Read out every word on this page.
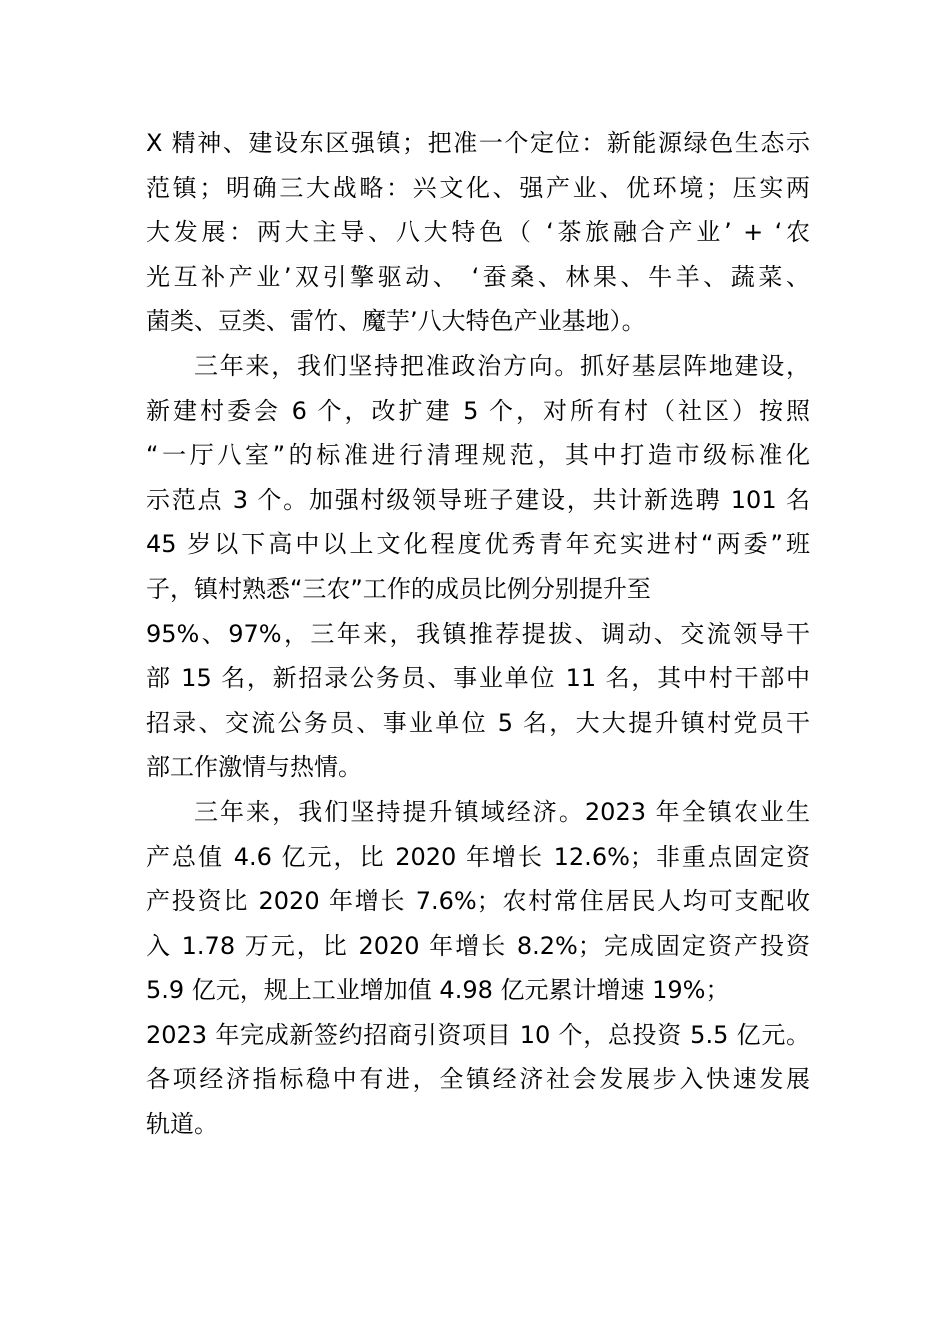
X 精神、建设东区强镇；把准一个定位：新能源绿色生态示
范镇；明确三大战略：兴文化、强产业、优环境；压实两
大发展：两大主导、八大特色（ ‘茶旅融合产业’ + ‘农
光互补产业’双引擎驱动、 ‘蚕桑、林果、牛羊、蔬菜、
菌类、豆类、雷竹、魔芋’八大特色产业基地）。
三年来，我们坚持把准政治方向。抓好基层阵地建设，
新建村委会 6 个，改扩建 5 个，对所有村（社区）按照
“一厅八室”的标准进行清理规范，其中打造市级标准化
示范点 3 个。加强村级领导班子建设，共计新选聘 101 名
45 岁以下高中以上文化程度优秀青年充实进村“两委”班
子，镇村熟悉“三农”工作的成员比例分别提升至
95%、97%，三年来，我镇推荐提拔、调动、交流领导干
部 15 名，新招录公务员、事业单位 11 名，其中村干部中
招录、交流公务员、事业单位 5 名，大大提升镇村党员干
部工作激情与热情。
三年来，我们坚持提升镇域经济。2023 年全镇农业生
产总值 4.6 亿元，比 2020 年增长 12.6%；非重点固定资
产投资比 2020 年增长 7.6%；农村常住居民人均可支配收
入 1.78 万元，比 2020 年增长 8.2%；完成固定资产投资
5.9 亿元，规上工业增加值 4.98 亿元累计增速 19%；
2023 年完成新签约招商引资项目 10 个，总投资 5.5 亿元。
各项经济指标稳中有进，全镇经济社会发展步入快速发展
轨道。
